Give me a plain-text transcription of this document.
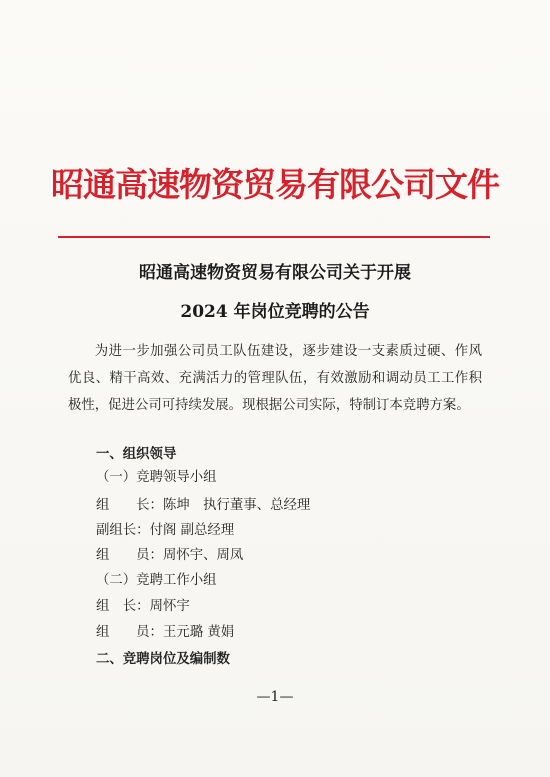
昭通高速物资贸易有限公司文件
昭通高速物资贸易有限公司关于开展
2024 年岗位竞聘的公告
为进一步加强公司员工队伍建设，逐步建设一支素质过硬、作风优良、精干高效、充满活力的管理队伍，有效激励和调动员工工作积极性，促进公司可持续发展。现根据公司实际，特制订本竞聘方案。
一、组织领导
（一）竞聘领导小组
组　　长：陈坤　执行董事、总经理
副组长：付阁 副总经理
组　　员：周怀宇、周凤
（二）竞聘工作小组
组　长：周怀宇
组　　员：王元璐 黄娟
二、竞聘岗位及编制数
—1—
